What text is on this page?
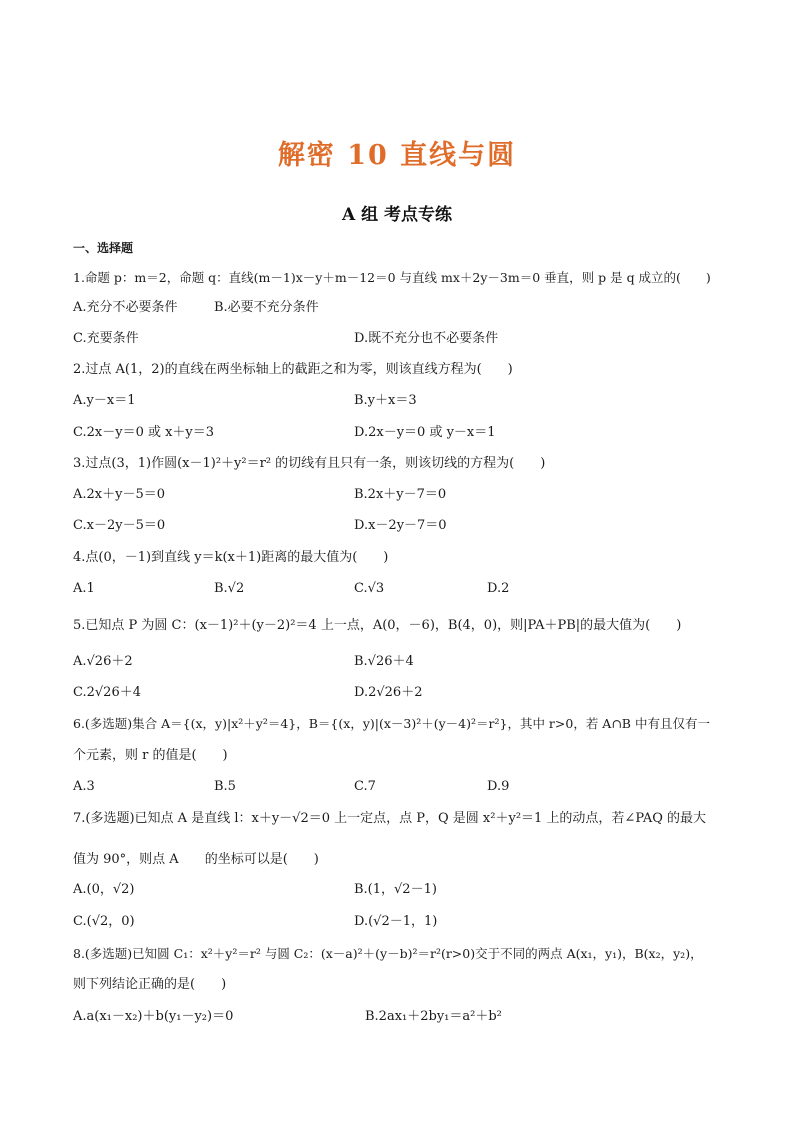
解密 10 直线与圆
A 组 考点专练
一、选择题
1.命题 p：m＝2，命题 q：直线(m－1)x－y＋m－12＝0 与直线 mx＋2y－3m＝0 垂直，则 p 是 q 成立的(　　)
A.充分不必要条件	B.必要不充分条件
C.充要条件	D.既不充分也不必要条件
2.过点 A(1，2)的直线在两坐标轴上的截距之和为零，则该直线方程为(　　)
A.y－x＝1	B.y＋x＝3
C.2x－y＝0 或 x＋y＝3	D.2x－y＝0 或 y－x＝1
3.过点(3，1)作圆(x－1)²＋y²＝r² 的切线有且只有一条，则该切线的方程为(　　)
A.2x＋y－5＝0	B.2x＋y－7＝0
C.x－2y－5＝0	D.x－2y－7＝0
4.点(0，－1)到直线 y＝k(x＋1)距离的最大值为(　　)
A.1	B.√2	C.√3	D.2
5.已知点 P 为圆 C：(x－1)²＋(y－2)²＝4 上一点，A(0，－6)，B(4，0)，则|PA＋PB|的最大值为(　　)
A.√26＋2	B.√26＋4
C.2√26＋4	D.2√26＋2
6.(多选题)集合 A＝{(x，y)|x²＋y²＝4}，B＝{(x，y)|(x－3)²＋(y－4)²＝r²}，其中 r>0，若 A∩B 中有且仅有一
个元素，则 r 的值是(　　)
A.3	B.5	C.7	D.9
7.(多选题)已知点 A 是直线 l：x＋y－√2＝0 上一定点，点 P，Q 是圆 x²＋y²＝1 上的动点，若∠PAQ 的最大
值为 90°，则点 A　　的坐标可以是(　　)
A.(0，√2)	B.(1，√2－1)
C.(√2，0)	D.(√2－1，1)
8.(多选题)已知圆 C₁：x²＋y²＝r² 与圆 C₂：(x－a)²＋(y－b)²＝r²(r>0)交于不同的两点 A(x₁，y₁)，B(x₂，y₂)，
则下列结论正确的是(　　)
A.a(x₁－x₂)＋b(y₁－y₂)＝0	B.2ax₁＋2by₁＝a²＋b²
